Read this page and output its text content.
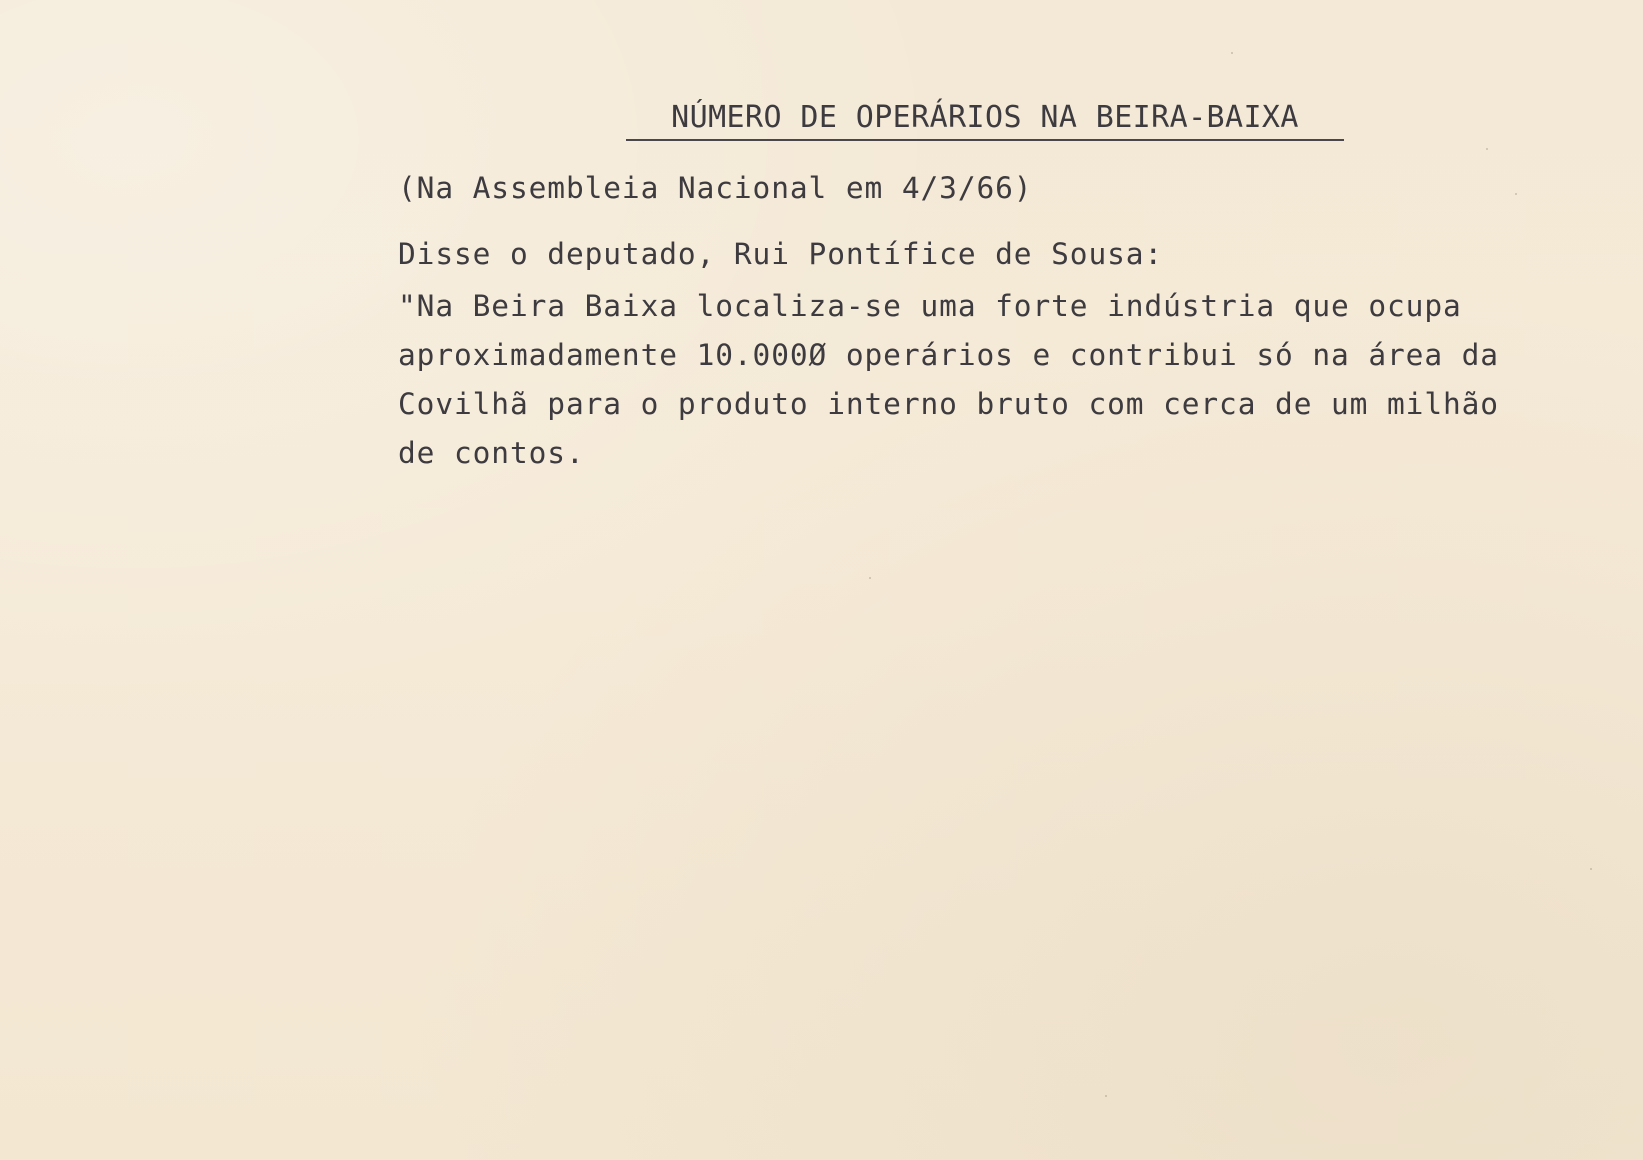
NÚMERO DE OPERÁRIOS NA BEIRA-BAIXA
(Na Assembleia Nacional em 4/3/66)
Disse o deputado, Rui Pontífice de Sousa:
"Na Beira Baixa localiza-se uma forte indústria que ocupa
aproximadamente 10.000Ø operários e contribui só na área da
Covilhã para o produto interno bruto com cerca de um milhão
de contos.
